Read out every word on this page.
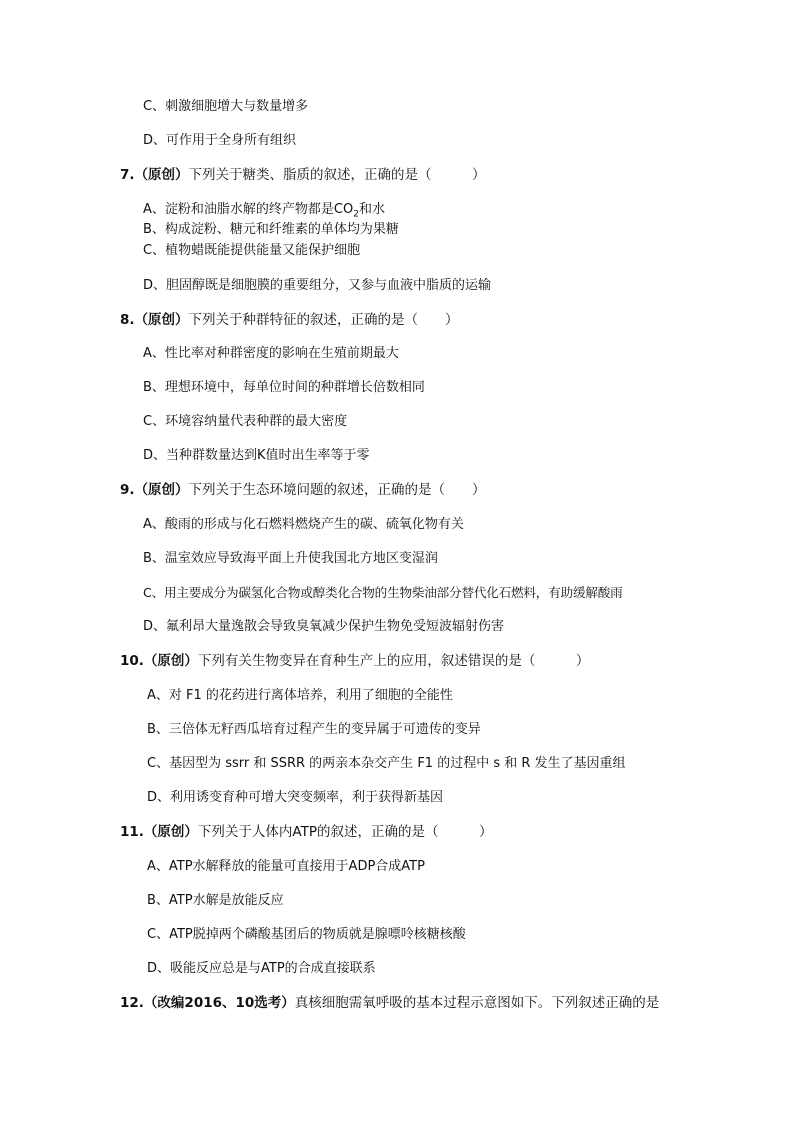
C、刺激细胞增大与数量增多
D、可作用于全身所有组织
7.（原创）下列关于糖类、脂质的叙述，正确的是（　　　）
A、淀粉和油脂水解的终产物都是$CO_2$和水
B、构成淀粉、糖元和纤维素的单体均为果糖
C、植物蜡既能提供能量又能保护细胞
D、胆固醇既是细胞膜的重要组分，又参与血液中脂质的运输
8.（原创）下列关于种群特征的叙述，正确的是（　　）
A、性比率对种群密度的影响在生殖前期最大
B、理想环境中，每单位时间的种群增长倍数相同
C、环境容纳量代表种群的最大密度
D、当种群数量达到K值时出生率等于零
9.（原创）下列关于生态环境问题的叙述，正确的是（　　）
A、酸雨的形成与化石燃料燃烧产生的碳、硫氧化物有关
B、温室效应导致海平面上升使我国北方地区变湿润
C、用主要成分为碳氢化合物或醇类化合物的生物柴油部分替代化石燃料，有助缓解酸雨
D、氟利昂大量逸散会导致臭氧减少保护生物免受短波辐射伤害
10.（原创）下列有关生物变异在育种生产上的应用，叙述错误的是（　　　）
A、对 F1 的花药进行离体培养，利用了细胞的全能性
B、三倍体无籽西瓜培育过程产生的变异属于可遗传的变异
C、基因型为 ssrr 和 SSRR 的两亲本杂交产生 F1 的过程中 s 和 R 发生了基因重组
D、利用诱变育种可增大突变频率，利于获得新基因
11.（原创）下列关于人体内ATP的叙述，正确的是（　　　）
A、ATP水解释放的能量可直接用于ADP合成ATP
B、ATP水解是放能反应
C、ATP脱掉两个磷酸基团后的物质就是腺嘌呤核糖核酸
D、吸能反应总是与ATP的合成直接联系
12.（改编2016、10选考）真核细胞需氧呼吸的基本过程示意图如下。下列叙述正确的是
